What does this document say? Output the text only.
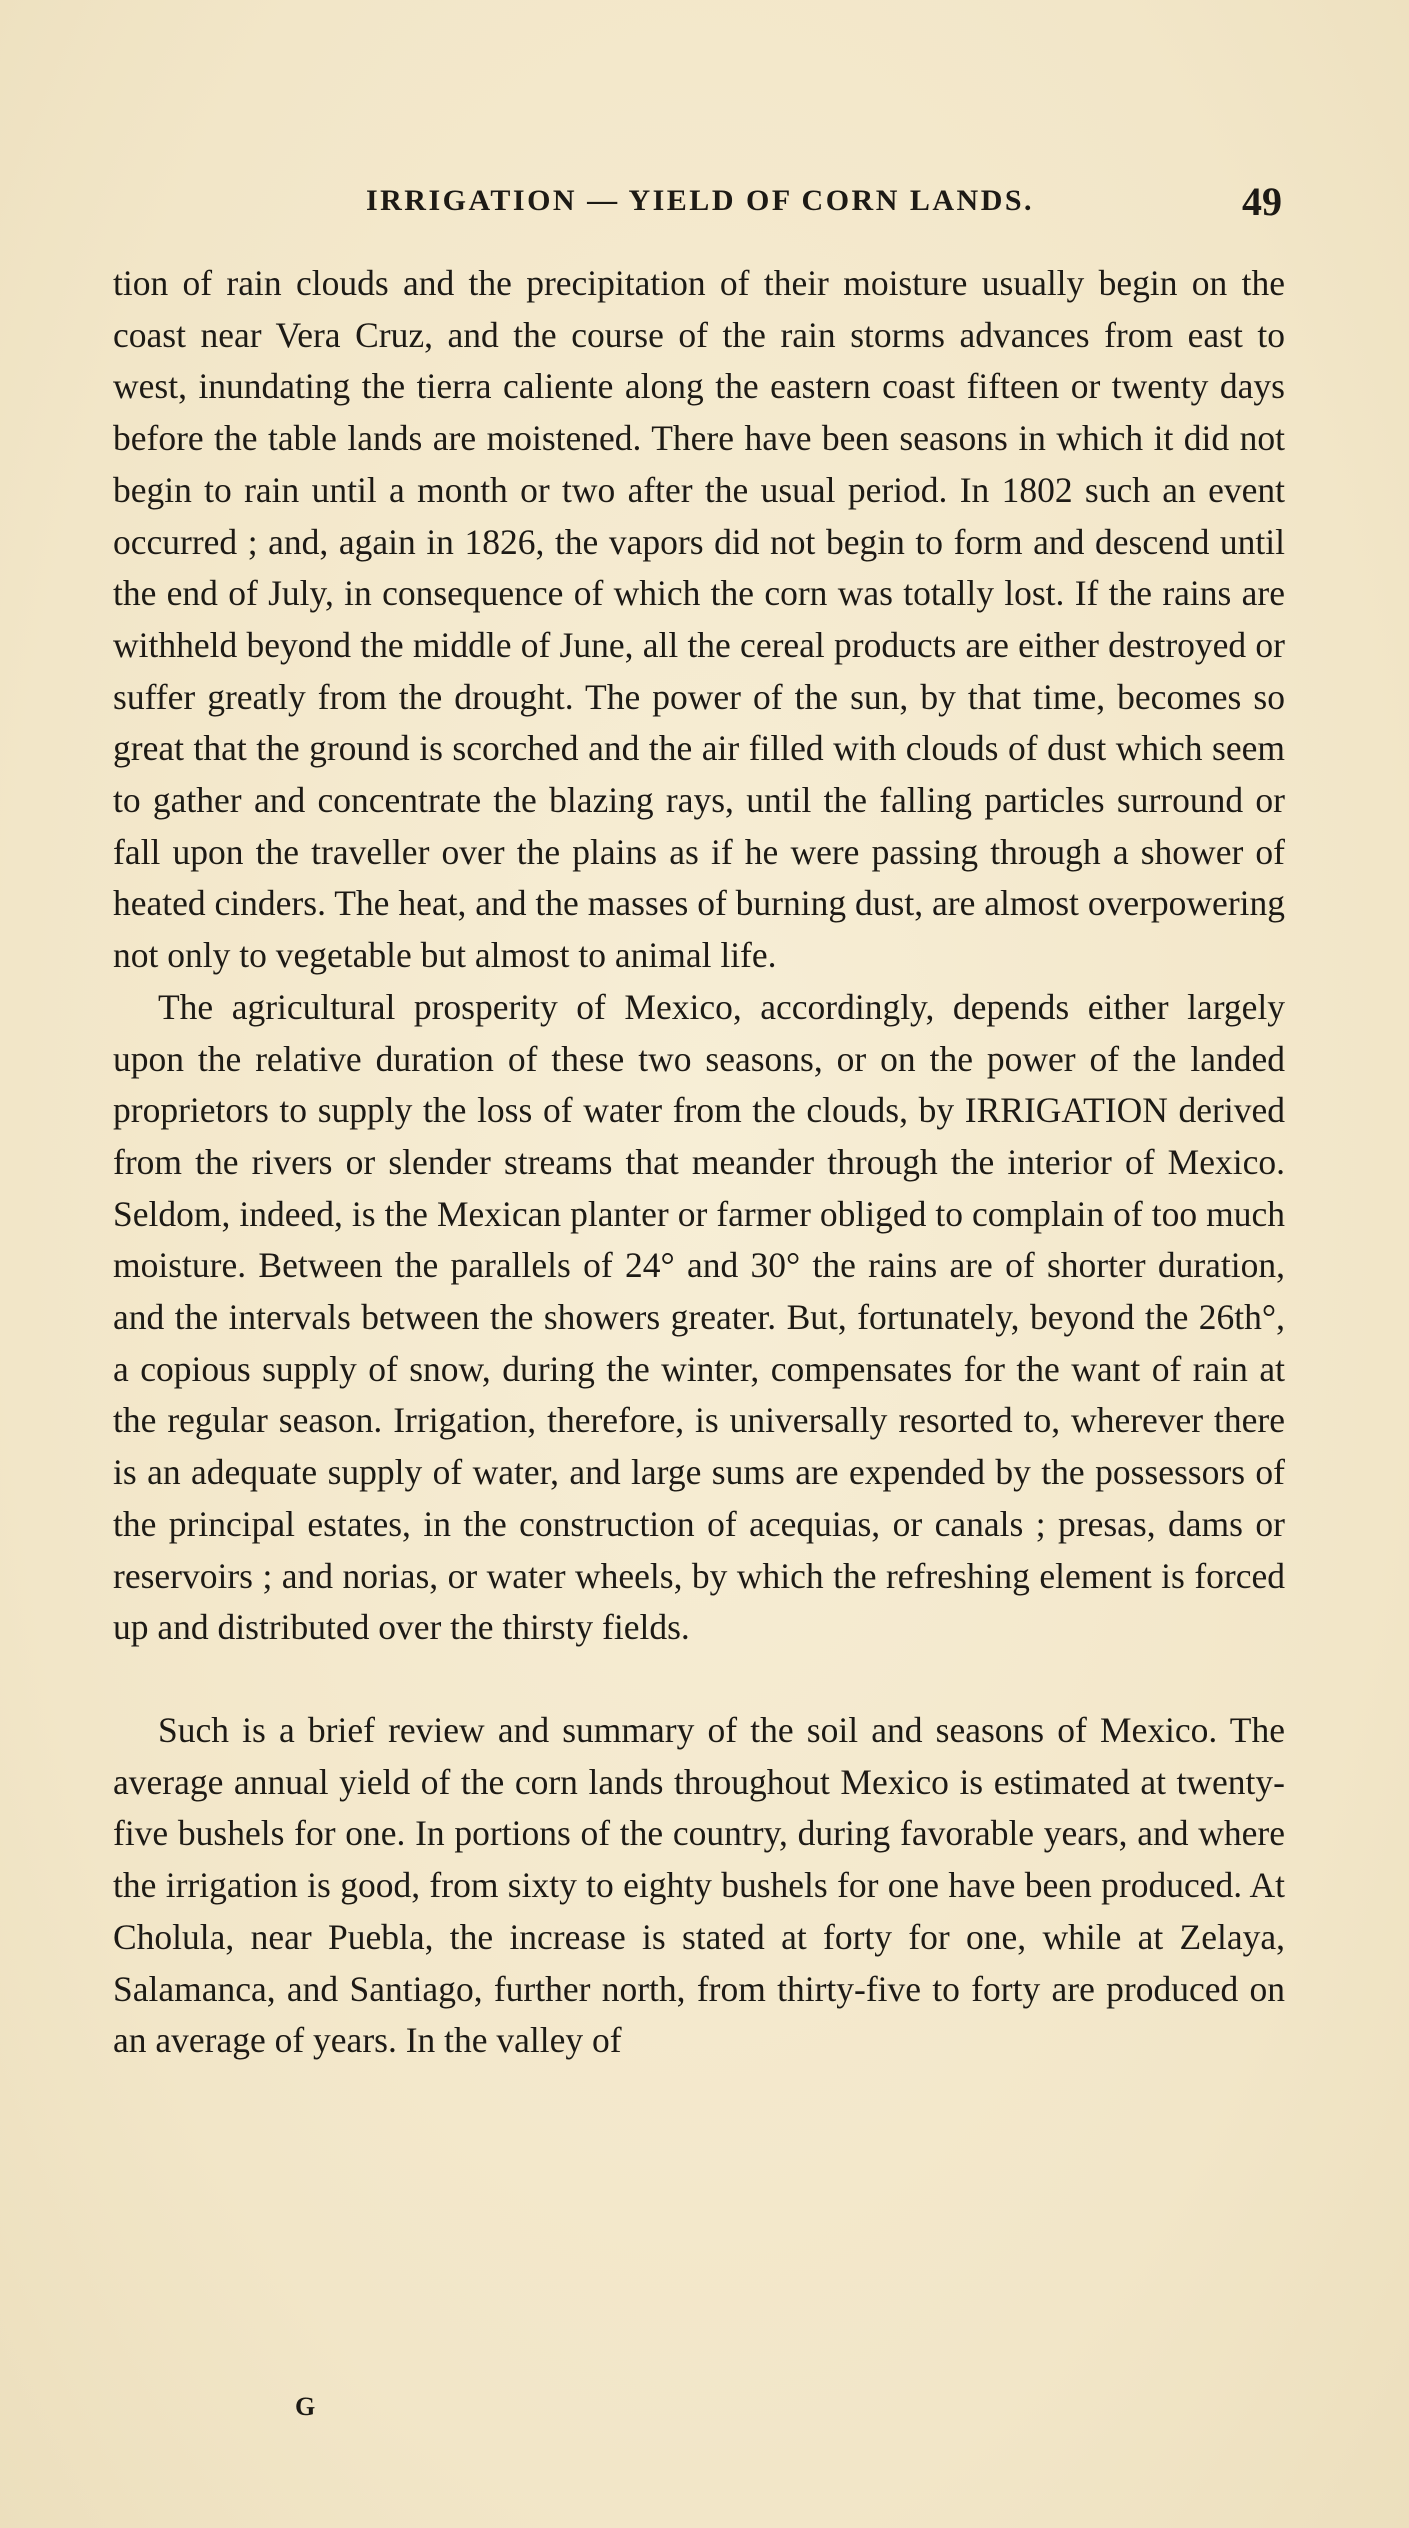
IRRIGATION — YIELD OF CORN LANDS.	49

tion of rain clouds and the precipitation of their moisture usually begin on the coast near Vera Cruz, and the course of the rain storms advances from east to west, inundating the tierra caliente along the eastern coast fifteen or twenty days before the table lands are moistened. There have been seasons in which it did not begin to rain until a month or two after the usual period. In 1802 such an event occurred ; and, again in 1826, the vapors did not begin to form and descend until the end of July, in consequence of which the corn was totally lost. If the rains are withheld beyond the middle of June, all the cereal products are either destroyed or suffer greatly from the drought. The power of the sun, by that time, becomes so great that the ground is scorched and the air filled with clouds of dust which seem to gather and concentrate the blazing rays, until the falling particles surround or fall upon the traveller over the plains as if he were passing through a shower of heated cinders. The heat, and the masses of burning dust, are almost overpowering not only to vegetable but almost to animal life.

The agricultural prosperity of Mexico, accordingly, depends either largely upon the relative duration of these two seasons, or on the power of the landed proprietors to supply the loss of water from the clouds, by IRRIGATION derived from the rivers or slender streams that meander through the interior of Mexico. Seldom, indeed, is the Mexican planter or farmer obliged to complain of too much moisture. Between the parallels of 24° and 30° the rains are of shorter duration, and the intervals between the showers greater. But, fortunately, beyond the 26th°, a copious supply of snow, during the winter, compensates for the want of rain at the regular season. Irrigation, therefore, is universally resorted to, wherever there is an adequate supply of water, and large sums are expended by the possessors of the principal estates, in the construction of acequias, or canals ; presas, dams or reservoirs ; and norias, or water wheels, by which the refreshing element is forced up and distributed over the thirsty fields.

Such is a brief review and summary of the soil and seasons of Mexico. The average annual yield of the corn lands throughout Mexico is estimated at twenty-five bushels for one. In portions of the country, during favorable years, and where the irrigation is good, from sixty to eighty bushels for one have been produced. At Cholula, near Puebla, the increase is stated at forty for one, while at Zelaya, Salamanca, and Santiago, further north, from thirty-five to forty are produced on an average of years. In the valley of

G
